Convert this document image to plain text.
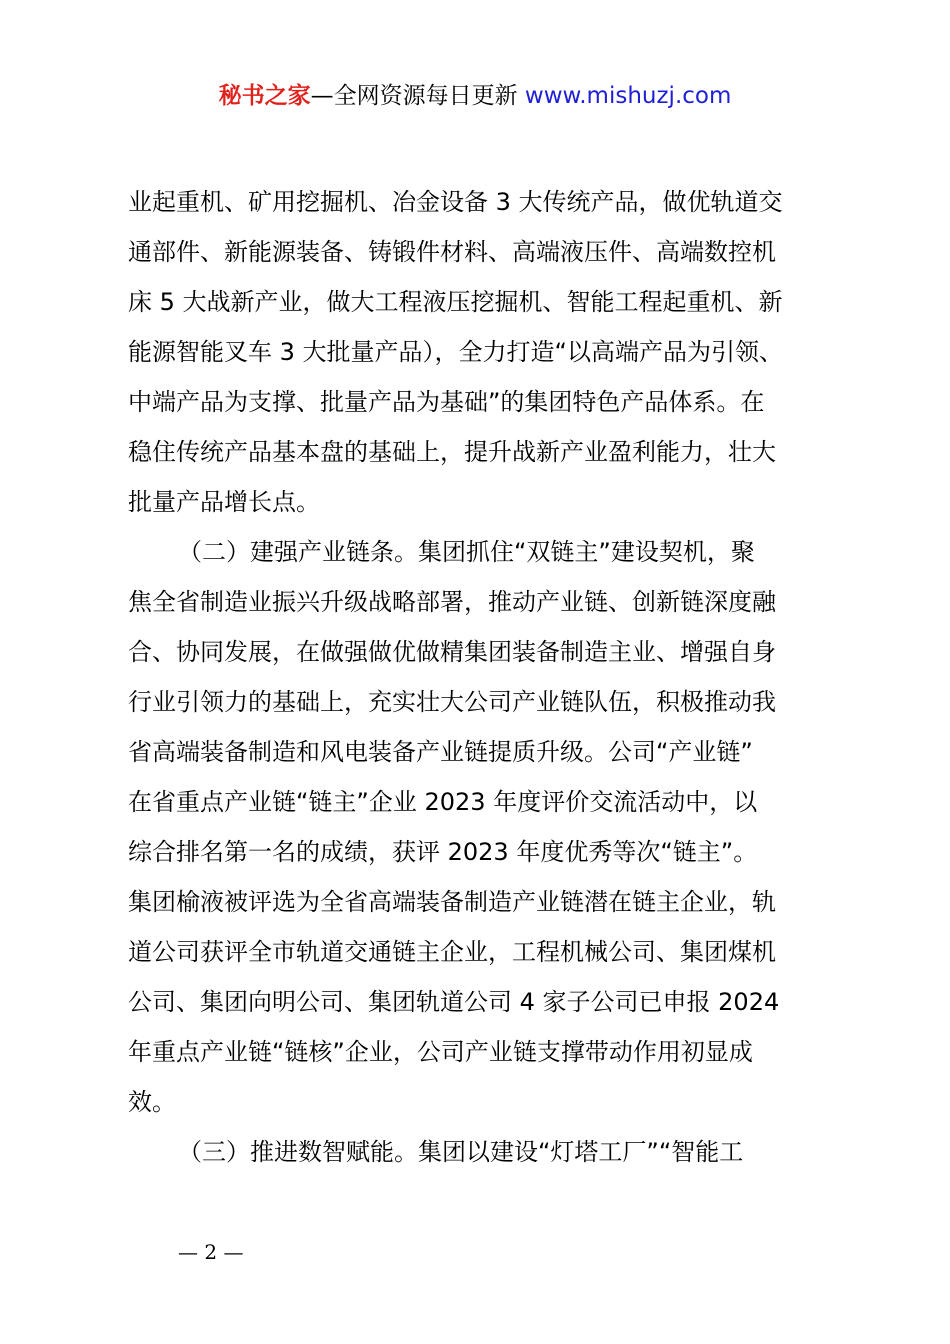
秘书之家—全网资源每日更新 www.mishuzj.com
业起重机、矿用挖掘机、冶金设备 3 大传统产品，做优轨道交
通部件、新能源装备、铸锻件材料、高端液压件、高端数控机
床 5 大战新产业，做大工程液压挖掘机、智能工程起重机、新
能源智能叉车 3 大批量产品），全力打造“以高端产品为引领、
中端产品为支撑、批量产品为基础”的集团特色产品体系。在
稳住传统产品基本盘的基础上，提升战新产业盈利能力，壮大
批量产品增长点。
（二）建强产业链条。集团抓住“双链主”建设契机，聚
焦全省制造业振兴升级战略部署，推动产业链、创新链深度融
合、协同发展，在做强做优做精集团装备制造主业、增强自身
行业引领力的基础上，充实壮大公司产业链队伍，积极推动我
省高端装备制造和风电装备产业链提质升级。公司“产业链”
在省重点产业链“链主”企业 2023 年度评价交流活动中，以
综合排名第一名的成绩，获评 2023 年度优秀等次“链主”。
集团榆液被评选为全省高端装备制造产业链潜在链主企业，轨
道公司获评全市轨道交通链主企业，工程机械公司、集团煤机
公司、集团向明公司、集团轨道公司 4 家子公司已申报 2024
年重点产业链“链核”企业，公司产业链支撑带动作用初显成
效。
（三）推进数智赋能。集团以建设“灯塔工厂”“智能工
— 2 —
